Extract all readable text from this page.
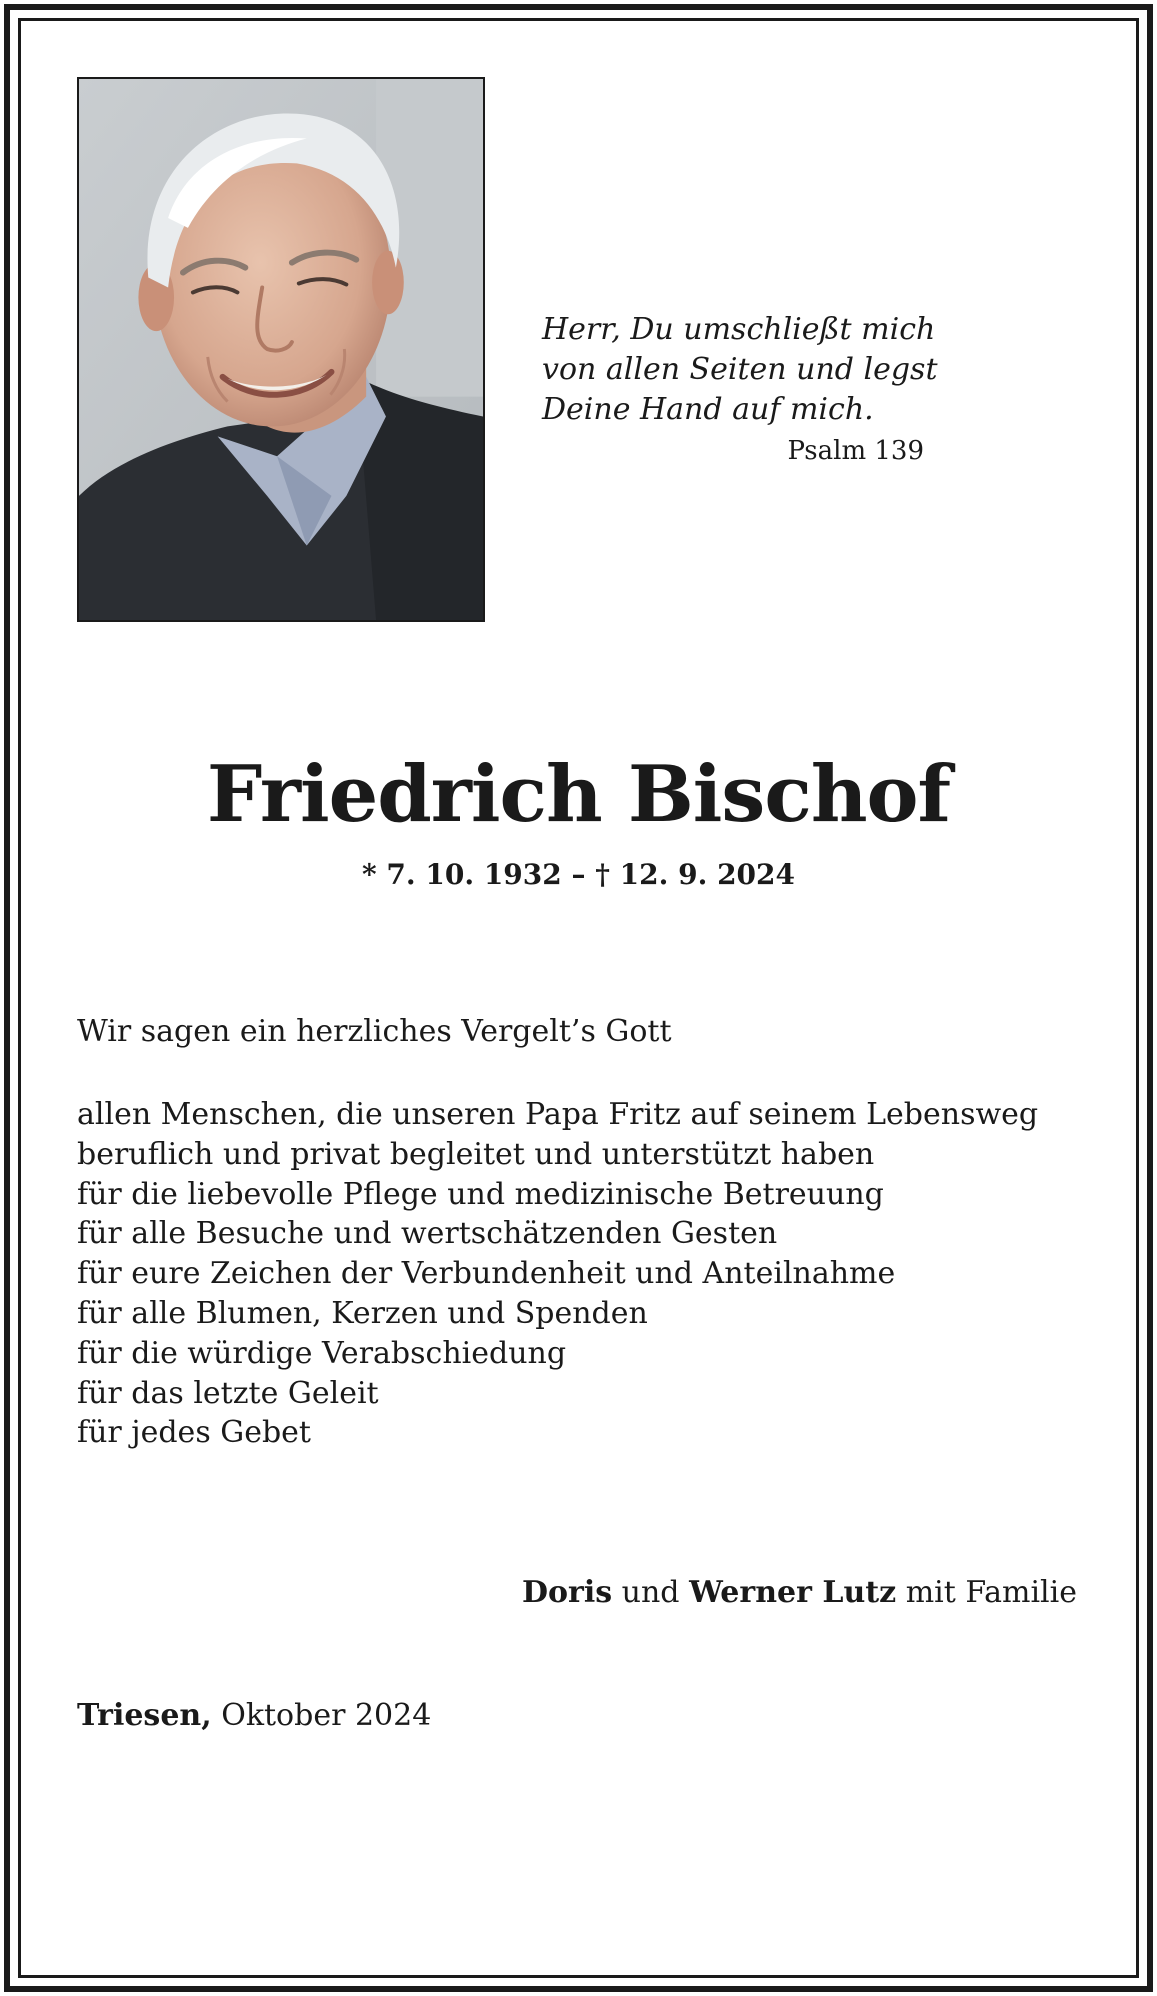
Herr, Du umschließt mich
von allen Seiten und legst
Deine Hand auf mich.
Psalm 139
Friedrich Bischof
* 7. 10. 1932 – † 12. 9. 2024
Wir sagen ein herzliches Vergelt’s Gott
allen Menschen, die unseren Papa Fritz auf seinem Lebensweg
beruflich und privat begleitet und unterstützt haben
für die liebevolle Pflege und medizinische Betreuung
für alle Besuche und wertschätzenden Gesten
für eure Zeichen der Verbundenheit und Anteilnahme
für alle Blumen, Kerzen und Spenden
für die würdige Verabschiedung
für das letzte Geleit
für jedes Gebet
Doris und Werner Lutz mit Familie
Triesen, Oktober 2024
